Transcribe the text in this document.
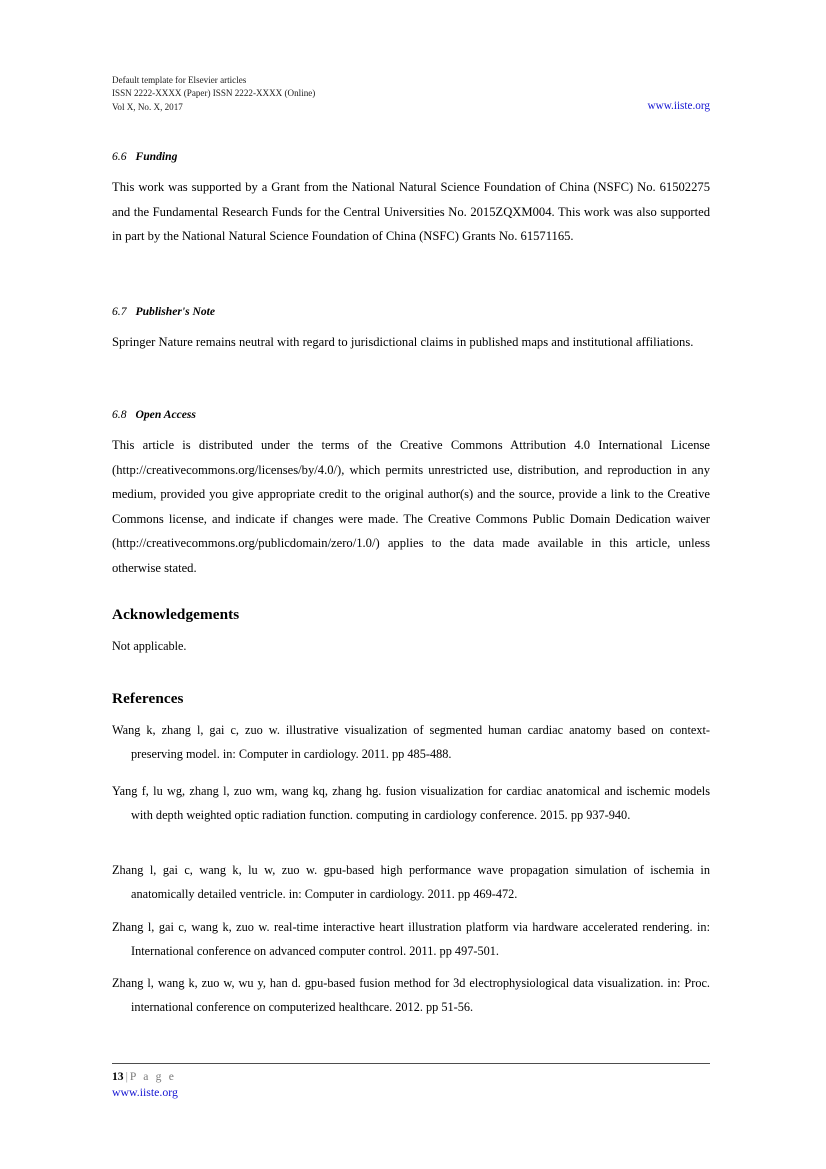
Default template for Elsevier articles
ISSN 2222-XXXX (Paper) ISSN 2222-XXXX (Online)
Vol X, No. X, 2017	www.iiste.org
6.6 Funding

This work was supported by a Grant from the National Natural Science Foundation of China (NSFC) No. 61502275 and the Fundamental Research Funds for the Central Universities No. 2015ZQXM004. This work was also supported in part by the National Natural Science Foundation of China (NSFC) Grants No. 61571165.

6.7 Publisher's Note

Springer Nature remains neutral with regard to jurisdictional claims in published maps and institutional affiliations.

6.8 Open Access

This article is distributed under the terms of the Creative Commons Attribution 4.0 International License (http://creativecommons.org/licenses/by/4.0/), which permits unrestricted use, distribution, and reproduction in any medium, provided you give appropriate credit to the original author(s) and the source, provide a link to the Creative Commons license, and indicate if changes were made. The Creative Commons Public Domain Dedication waiver (http://creativecommons.org/publicdomain/zero/1.0/) applies to the data made available in this article, unless otherwise stated.

Acknowledgements

Not applicable.

References

Wang k, zhang l, gai c, zuo w. illustrative visualization of segmented human cardiac anatomy based on context-preserving model. in: Computer in cardiology. 2011. pp 485-488.

Yang f, lu wg, zhang l, zuo wm, wang kq, zhang hg. fusion visualization for cardiac anatomical and ischemic models with depth weighted optic radiation function. computing in cardiology conference. 2015. pp 937-940.

Zhang l, gai c, wang k, lu w, zuo w. gpu-based high performance wave propagation simulation of ischemia in anatomically detailed ventricle. in: Computer in cardiology. 2011. pp 469-472.

Zhang l, gai c, wang k, zuo w. real-time interactive heart illustration platform via hardware accelerated rendering. in: International conference on advanced computer control. 2011. pp 497-501.

Zhang l, wang k, zuo w, wu y, han d. gpu-based fusion method for 3d electrophysiological data visualization. in: Proc. international conference on computerized healthcare. 2012. pp 51-56.

13 | P a g e
www.iiste.org
